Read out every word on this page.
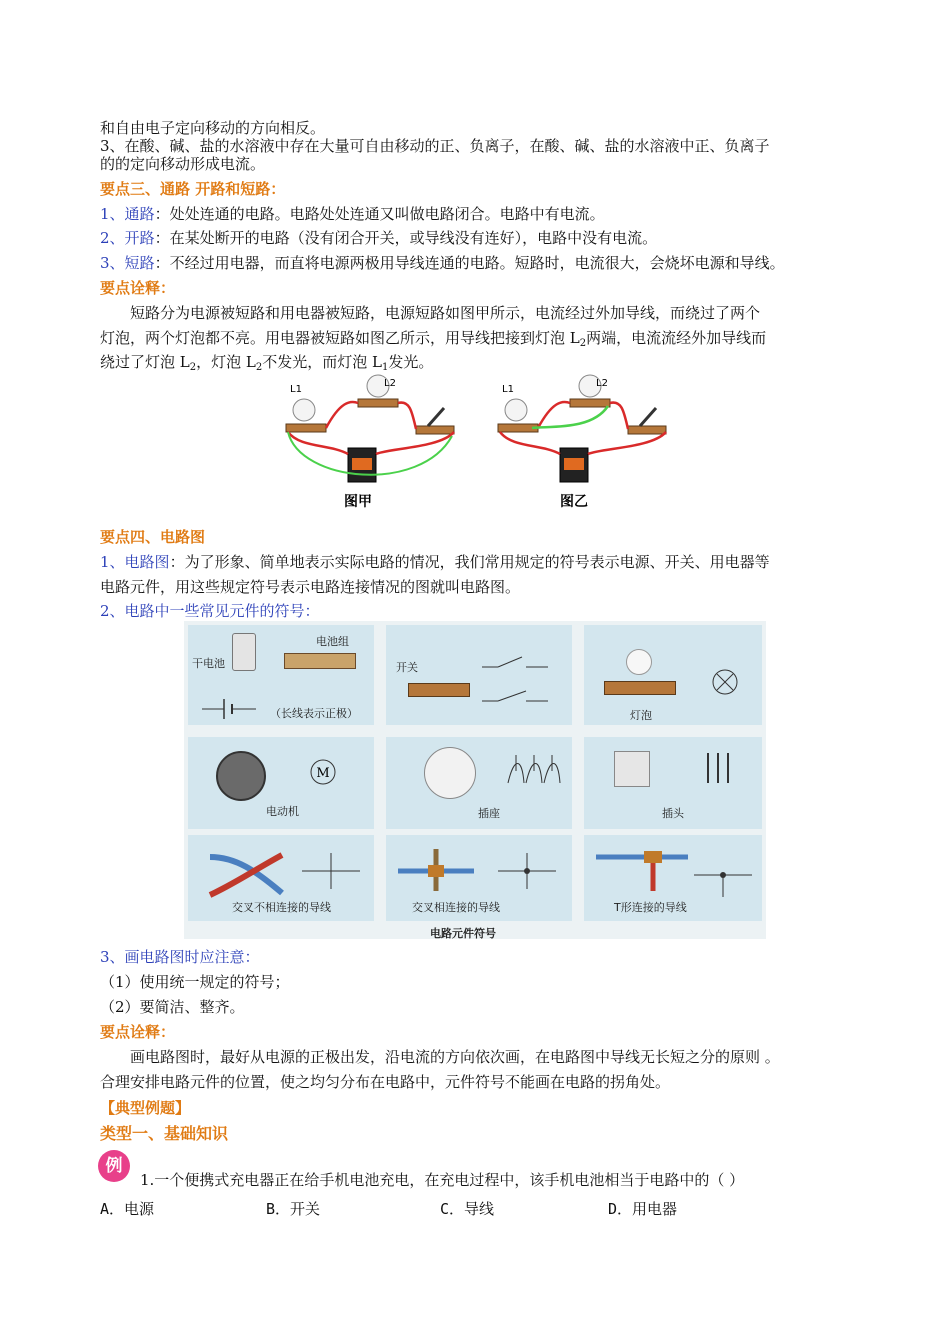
和自由电子定向移动的方向相反。
3、在酸、碱、盐的水溶液中存在大量可自由移动的正、负离子，在酸、碱、盐的水溶液中正、负离子
的的定向移动形成电流。
要点三、通路 开路和短路：
1、通路：处处连通的电路。电路处处连通又叫做电路闭合。电路中有电流。
2、开路：在某处断开的电路（没有闭合开关，或导线没有连好），电路中没有电流。
3、短路：不经过用电器，而直将电源两极用导线连通的电路。短路时，电流很大，会烧坏电源和导线。
要点诠释：
短路分为电源被短路和用电器被短路，电源短路如图甲所示，电流经过外加导线，而绕过了两个
灯泡，两个灯泡都不亮。用电器被短路如图乙所示，用导线把接到灯泡 $L_2$两端，电流流经外加导线而
绕过了灯泡 $L_2$，灯泡 $L_2$不发光，而灯泡 $L_1$发光。
L1
L2
图甲
L1
L2
图乙
要点四、电路图
1、电路图：为了形象、简单地表示实际电路的情况，我们常用规定的符号表示电源、开关、用电器等
电路元件，用这些规定符号表示电路连接情况的图就叫电路图。
2、电路中一些常见元件的符号：
干电池
电池组
（长线表示正极）
开关
灯泡
M
电动机	插座	插头
交叉不相连接的导线	交叉相连接的导线	T形连接的导线
电路元件符号
3、画电路图时应注意：
（1）使用统一规定的符号；
（2）要简洁、整齐。
要点诠释：
画电路图时，最好从电源的正极出发，沿电流的方向依次画，在电路图中导线无长短之分的原则 。
合理安排电路元件的位置，使之均匀分布在电路中，元件符号不能画在电路的拐角处。
【典型例题】
类型一、基础知识
例
1.一个便携式充电器正在给手机电池充电，在充电过程中，该手机电池相当于电路中的（ ）
A．电源	B．开关	C．导线	D．用电器
